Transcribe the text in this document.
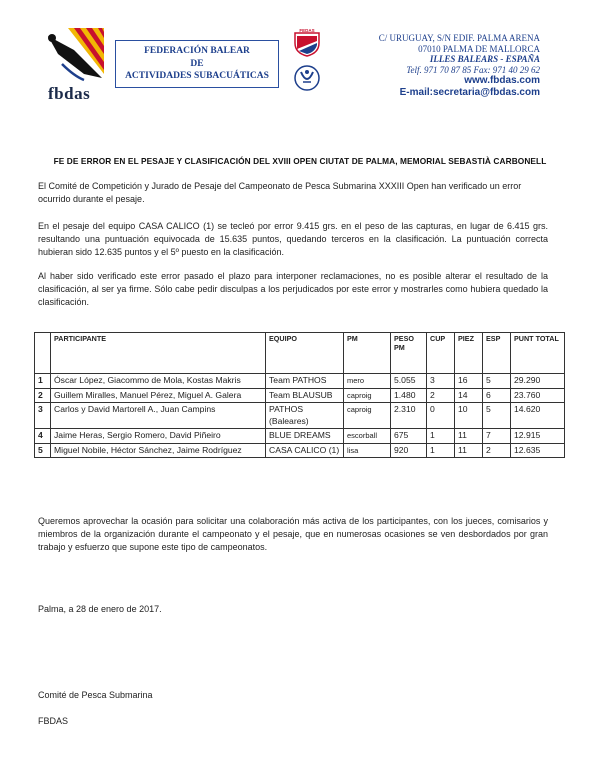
fbdas
FEDERACIÓN BALEAR
DE
ACTIVIDADES SUBACUÁTICAS
FEDAS
C/ URUGUAY, S/N EDIF. PALMA ARENA
07010 PALMA DE MALLORCA
ILLES BALEARS - ESPAÑA
Telf. 971 70 87 85 Fax: 971 40 29 62
www.fbdas.com
E-mail:secretaria@fbdas.com
FE DE ERROR EN EL PESAJE Y CLASIFICACIÓN DEL XVIII OPEN CIUTAT DE PALMA, MEMORIAL SEBASTIÀ CARBONELL
El Comité de Competición y Jurado de Pesaje del Campeonato de Pesca Submarina XXXIII Open han verificado un error ocurrido durante el pesaje.
En el pesaje del equipo CASA CALICO (1) se tecleó por error 9.415 grs. en el peso de las capturas, en lugar de 6.415 grs. resultando una puntuación equivocada de 15.635 puntos, quedando terceros en la clasificación. La puntuación correcta hubieran sido 12.635 puntos y el 5º puesto en la clasificación.
Al haber sido verificado este error pasado el plazo para interponer reclamaciones, no es posible alterar el resultado de la clasificación, al ser ya firme. Sólo cabe pedir disculpas a los perjudicados por este error y mostrarles como hubiera quedado la clasificación.
	PARTICIPANTE	EQUIPO	PM	PESO PM	CUP	PIEZ	ESP	PUNT TOTAL
1	Óscar López, Giacommo de Mola, Kostas Makris	Team PATHOS	mero	5.055	3	16	5	29.290
2	Guillem Miralles, Manuel Pérez, Miguel A. Galera	Team BLAUSUB	caproig	1.480	2	14	6	23.760
3	Carlos y David Martorell A., Juan Campins	PATHOS (Baleares)	caproig	2.310	0	10	5	14.620
4	Jaime Heras, Sergio Romero, David Piñeiro	BLUE DREAMS	escorball	675	1	11	7	12.915
5	Miguel Nobile, Héctor Sánchez, Jaime Rodríguez	CASA CALICO (1)	lisa	920	1	11	2	12.635
Queremos aprovechar la ocasión para solicitar una colaboración más activa de los participantes, con los jueces, comisarios y miembros de la organización durante el campeonato y el pesaje, que en numerosas ocasiones se ven desbordados por gran trabajo y esfuerzo que supone este tipo de campeonatos.
Palma, a 28 de enero de 2017.
Comité de Pesca Submarina
FBDAS
